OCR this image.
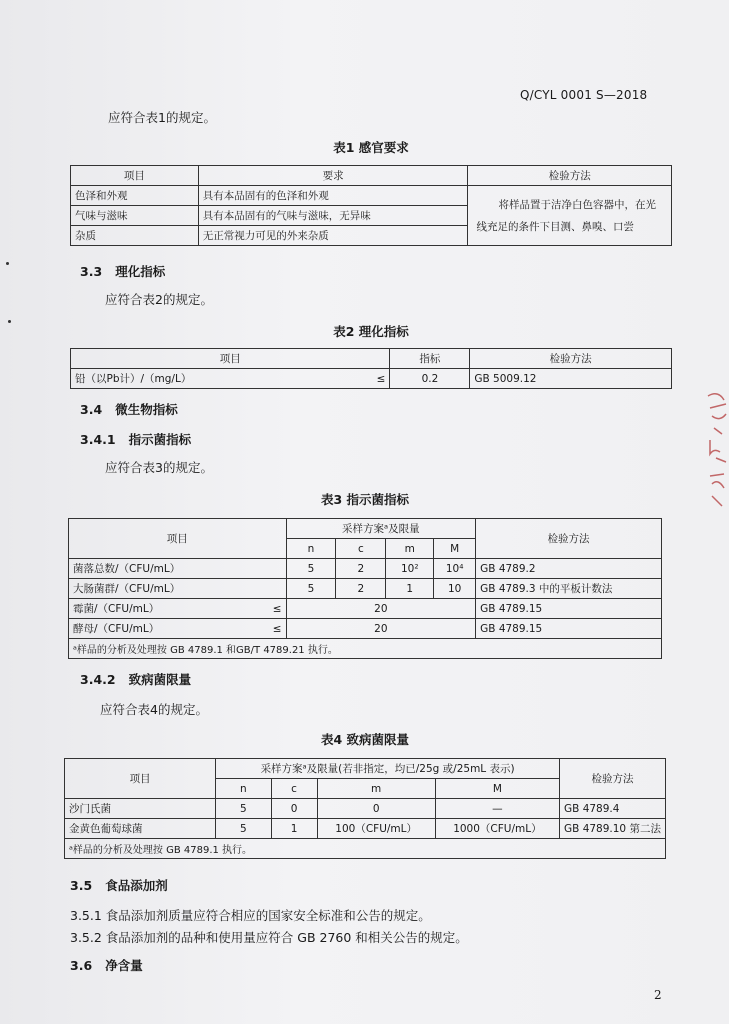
Q/CYL 0001 S—2018
应符合表1的规定。
表1 感官要求
项目	要求	检验方法
色泽和外观	具有本品固有的色泽和外观	将样品置于洁净白色容器中，在光
线充足的条件下目测、鼻嗅、口尝

气味与滋味	具有本品固有的气味与滋味，无异味	
杂质	无正常视力可见的外来杂质	
3.3 理化指标
应符合表2的规定。
表2 理化指标
项目		指标	检验方法
铅（以Pb计）/（mg/L）	≤	0.2	GB 5009.12
3.4 微生物指标
3.4.1 指示菌指标
应符合表3的规定。
表3 指示菌指标
项目		采样方案ᵃ及限量				检验方法
		n	c	m	M	
菌落总数/（CFU/mL）		5	2	10²	10⁴	GB 4789.2
大肠菌群/（CFU/mL）		5	2	1	10	GB 4789.3 中的平板计数法
霉菌/（CFU/mL）	≤	20				GB 4789.15
酵母/（CFU/mL）	≤	20				GB 4789.15
ᵃ样品的分析及处理按 GB 4789.1 和GB/T 4789.21 执行。						
3.4.2 致病菌限量
应符合表4的规定。
表4 致病菌限量
项目	采样方案ᵃ及限量(若非指定，均已/25g 或/25mL 表示)				检验方法
	n	c	m	M	
沙门氏菌	5	0	0	—	GB 4789.4
金黄色葡萄球菌	5	1	100（CFU/mL）	1000（CFU/mL）	GB 4789.10 第二法
ᵃ样品的分析及处理按 GB 4789.1 执行。					
3.5 食品添加剂
3.5.1 食品添加剂质量应符合相应的国家安全标准和公告的规定。
3.5.2 食品添加剂的品种和使用量应符合 GB 2760 和相关公告的规定。
3.6 净含量
2
